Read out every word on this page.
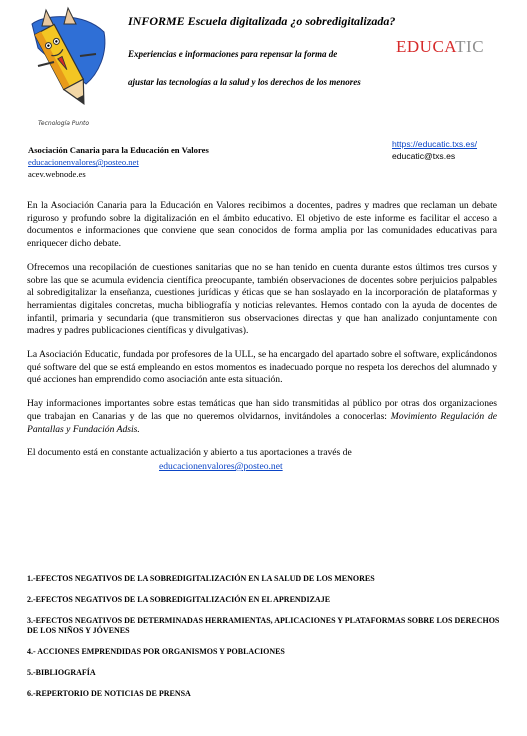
Tecnología Punto
INFORME Escuela digitalizada ¿o sobredigitalizada?
Experiencias e informaciones para repensar la forma de
ajustar las tecnologías a la salud y los derechos de los menores
EDUCATIC
Asociación Canaria para la Educación en Valores
educacionenvalores@posteo.net
acev.webnode.es
https://educatic.txs.es/
educatic@txs.es

En la Asociación Canaria para la Educación en Valores recibimos a docentes, padres y madres que reclaman un debate riguroso y profundo sobre la digitalización en el ámbito educativo. El objetivo de este informe es facilitar el acceso a documentos e informaciones que conviene que sean conocidos de forma amplia por las comunidades educativas para enriquecer dicho debate.

Ofrecemos una recopilación de cuestiones sanitarias que no se han tenido en cuenta durante estos últimos tres cursos y sobre las que se acumula evidencia científica preocupante, también observaciones de docentes sobre perjuicios palpables al sobredigitalizar la enseñanza, cuestiones jurídicas y éticas que se han soslayado en la incorporación de plataformas y herramientas digitales concretas, mucha bibliografía y noticias relevantes. Hemos contado con la ayuda de docentes de infantil, primaria y secundaria (que transmitieron sus observaciones directas y que han analizado conjuntamente con madres y padres publicaciones científicas y divulgativas).

La Asociación Educatic, fundada por profesores de la ULL, se ha encargado del apartado sobre el software, explicándonos qué software del que se está empleando en estos momentos es inadecuado porque no respeta los derechos del alumnado y qué acciones han emprendido como asociación ante esta situación.

Hay informaciones importantes sobre estas temáticas que han sido transmitidas al público por otras dos organizaciones que trabajan en Canarias y de las que no queremos olvidarnos, invitándoles a conocerlas: Movimiento Regulación de Pantallas y Fundación Adsis.

El documento está en constante actualización y abierto a tus aportaciones a través de
educacionenvalores@posteo.net

1.-EFECTOS NEGATIVOS DE LA SOBREDIGITALIZACIÓN EN LA SALUD DE LOS MENORES
2.-EFECTOS NEGATIVOS DE LA SOBREDIGITALIZACIÓN EN EL APRENDIZAJE
3.-EFECTOS NEGATIVOS DE DETERMINADAS HERRAMIENTAS, APLICACIONES Y PLATAFORMAS SOBRE LOS DERECHOS DE LOS NIÑOS Y JÓVENES
4.- ACCIONES EMPRENDIDAS POR ORGANISMOS Y POBLACIONES
5.-BIBLIOGRAFÍA
6.-REPERTORIO DE NOTICIAS DE PRENSA
